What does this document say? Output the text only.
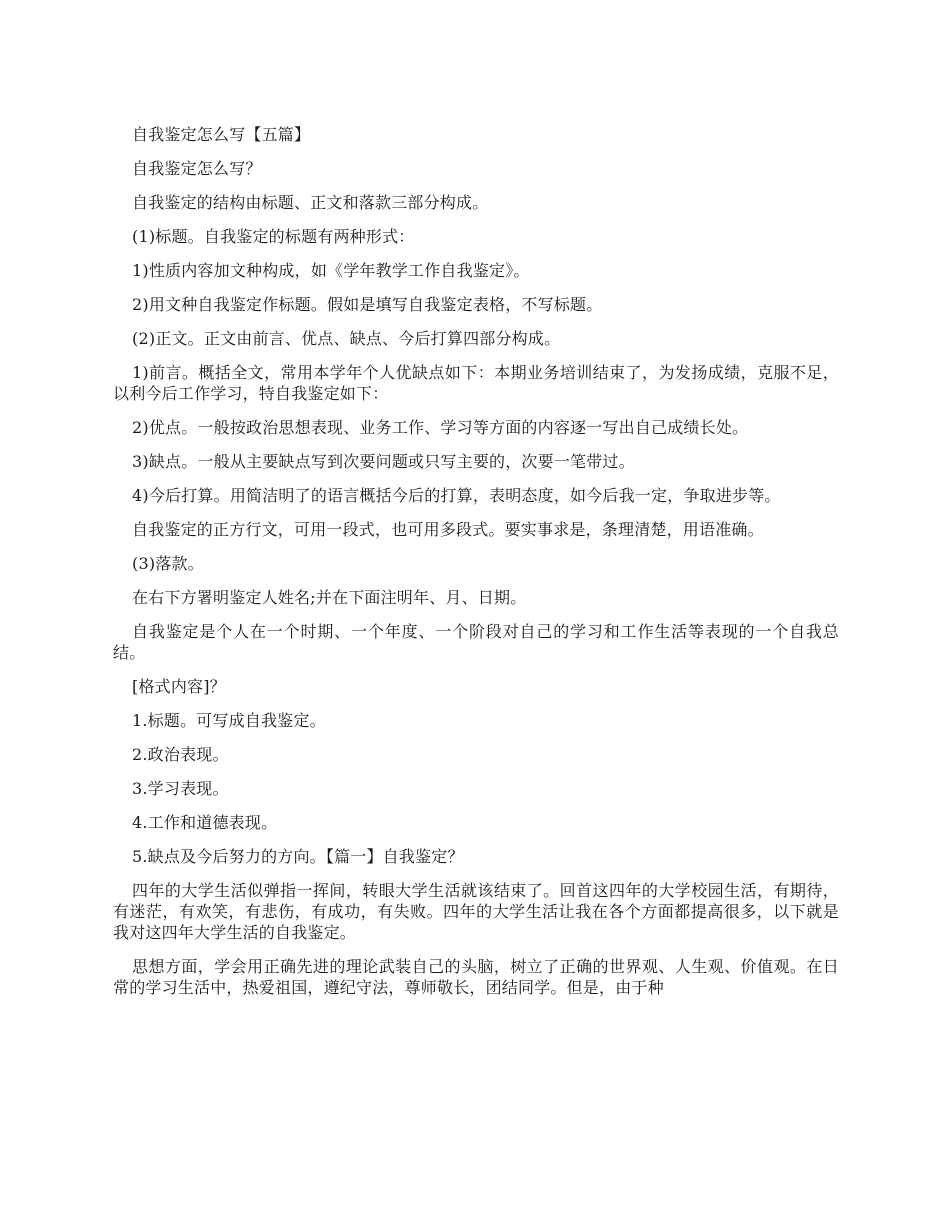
自我鉴定怎么写【五篇】

自我鉴定怎么写？

自我鉴定的结构由标题、正文和落款三部分构成。

(1)标题。自我鉴定的标题有两种形式：

1)性质内容加文种构成，如《学年教学工作自我鉴定》。

2)用文种自我鉴定作标题。假如是填写自我鉴定表格，不写标题。

(2)正文。正文由前言、优点、缺点、今后打算四部分构成。

1)前言。概括全文，常用本学年个人优缺点如下：本期业务培训结束了，为发扬成绩，克服不足，以利今后工作学习，特自我鉴定如下：

2)优点。一般按政治思想表现、业务工作、学习等方面的内容逐一写出自己成绩长处。

3)缺点。一般从主要缺点写到次要问题或只写主要的，次要一笔带过。

4)今后打算。用简洁明了的语言概括今后的打算，表明态度，如今后我一定，争取进步等。

自我鉴定的正方行文，可用一段式，也可用多段式。要实事求是，条理清楚，用语准确。

(3)落款。

在右下方署明鉴定人姓名;并在下面注明年、月、日期。

自我鉴定是个人在一个时期、一个年度、一个阶段对自己的学习和工作生活等表现的一个自我总结。

[格式内容]？

1.标题。可写成自我鉴定。

2.政治表现。

3.学习表现。

4.工作和道德表现。

5.缺点及今后努力的方向。【篇一】自我鉴定？

四年的大学生活似弹指一挥间，转眼大学生活就该结束了。回首这四年的大学校园生活，有期待，有迷茫，有欢笑，有悲伤，有成功，有失败。四年的大学生活让我在各个方面都提高很多，以下就是我对这四年大学生活的自我鉴定。

思想方面，学会用正确先进的理论武装自己的头脑，树立了正确的世界观、人生观、价值观。在日常的学习生活中，热爱祖国，遵纪守法，尊师敬长，团结同学。但是，由于种
